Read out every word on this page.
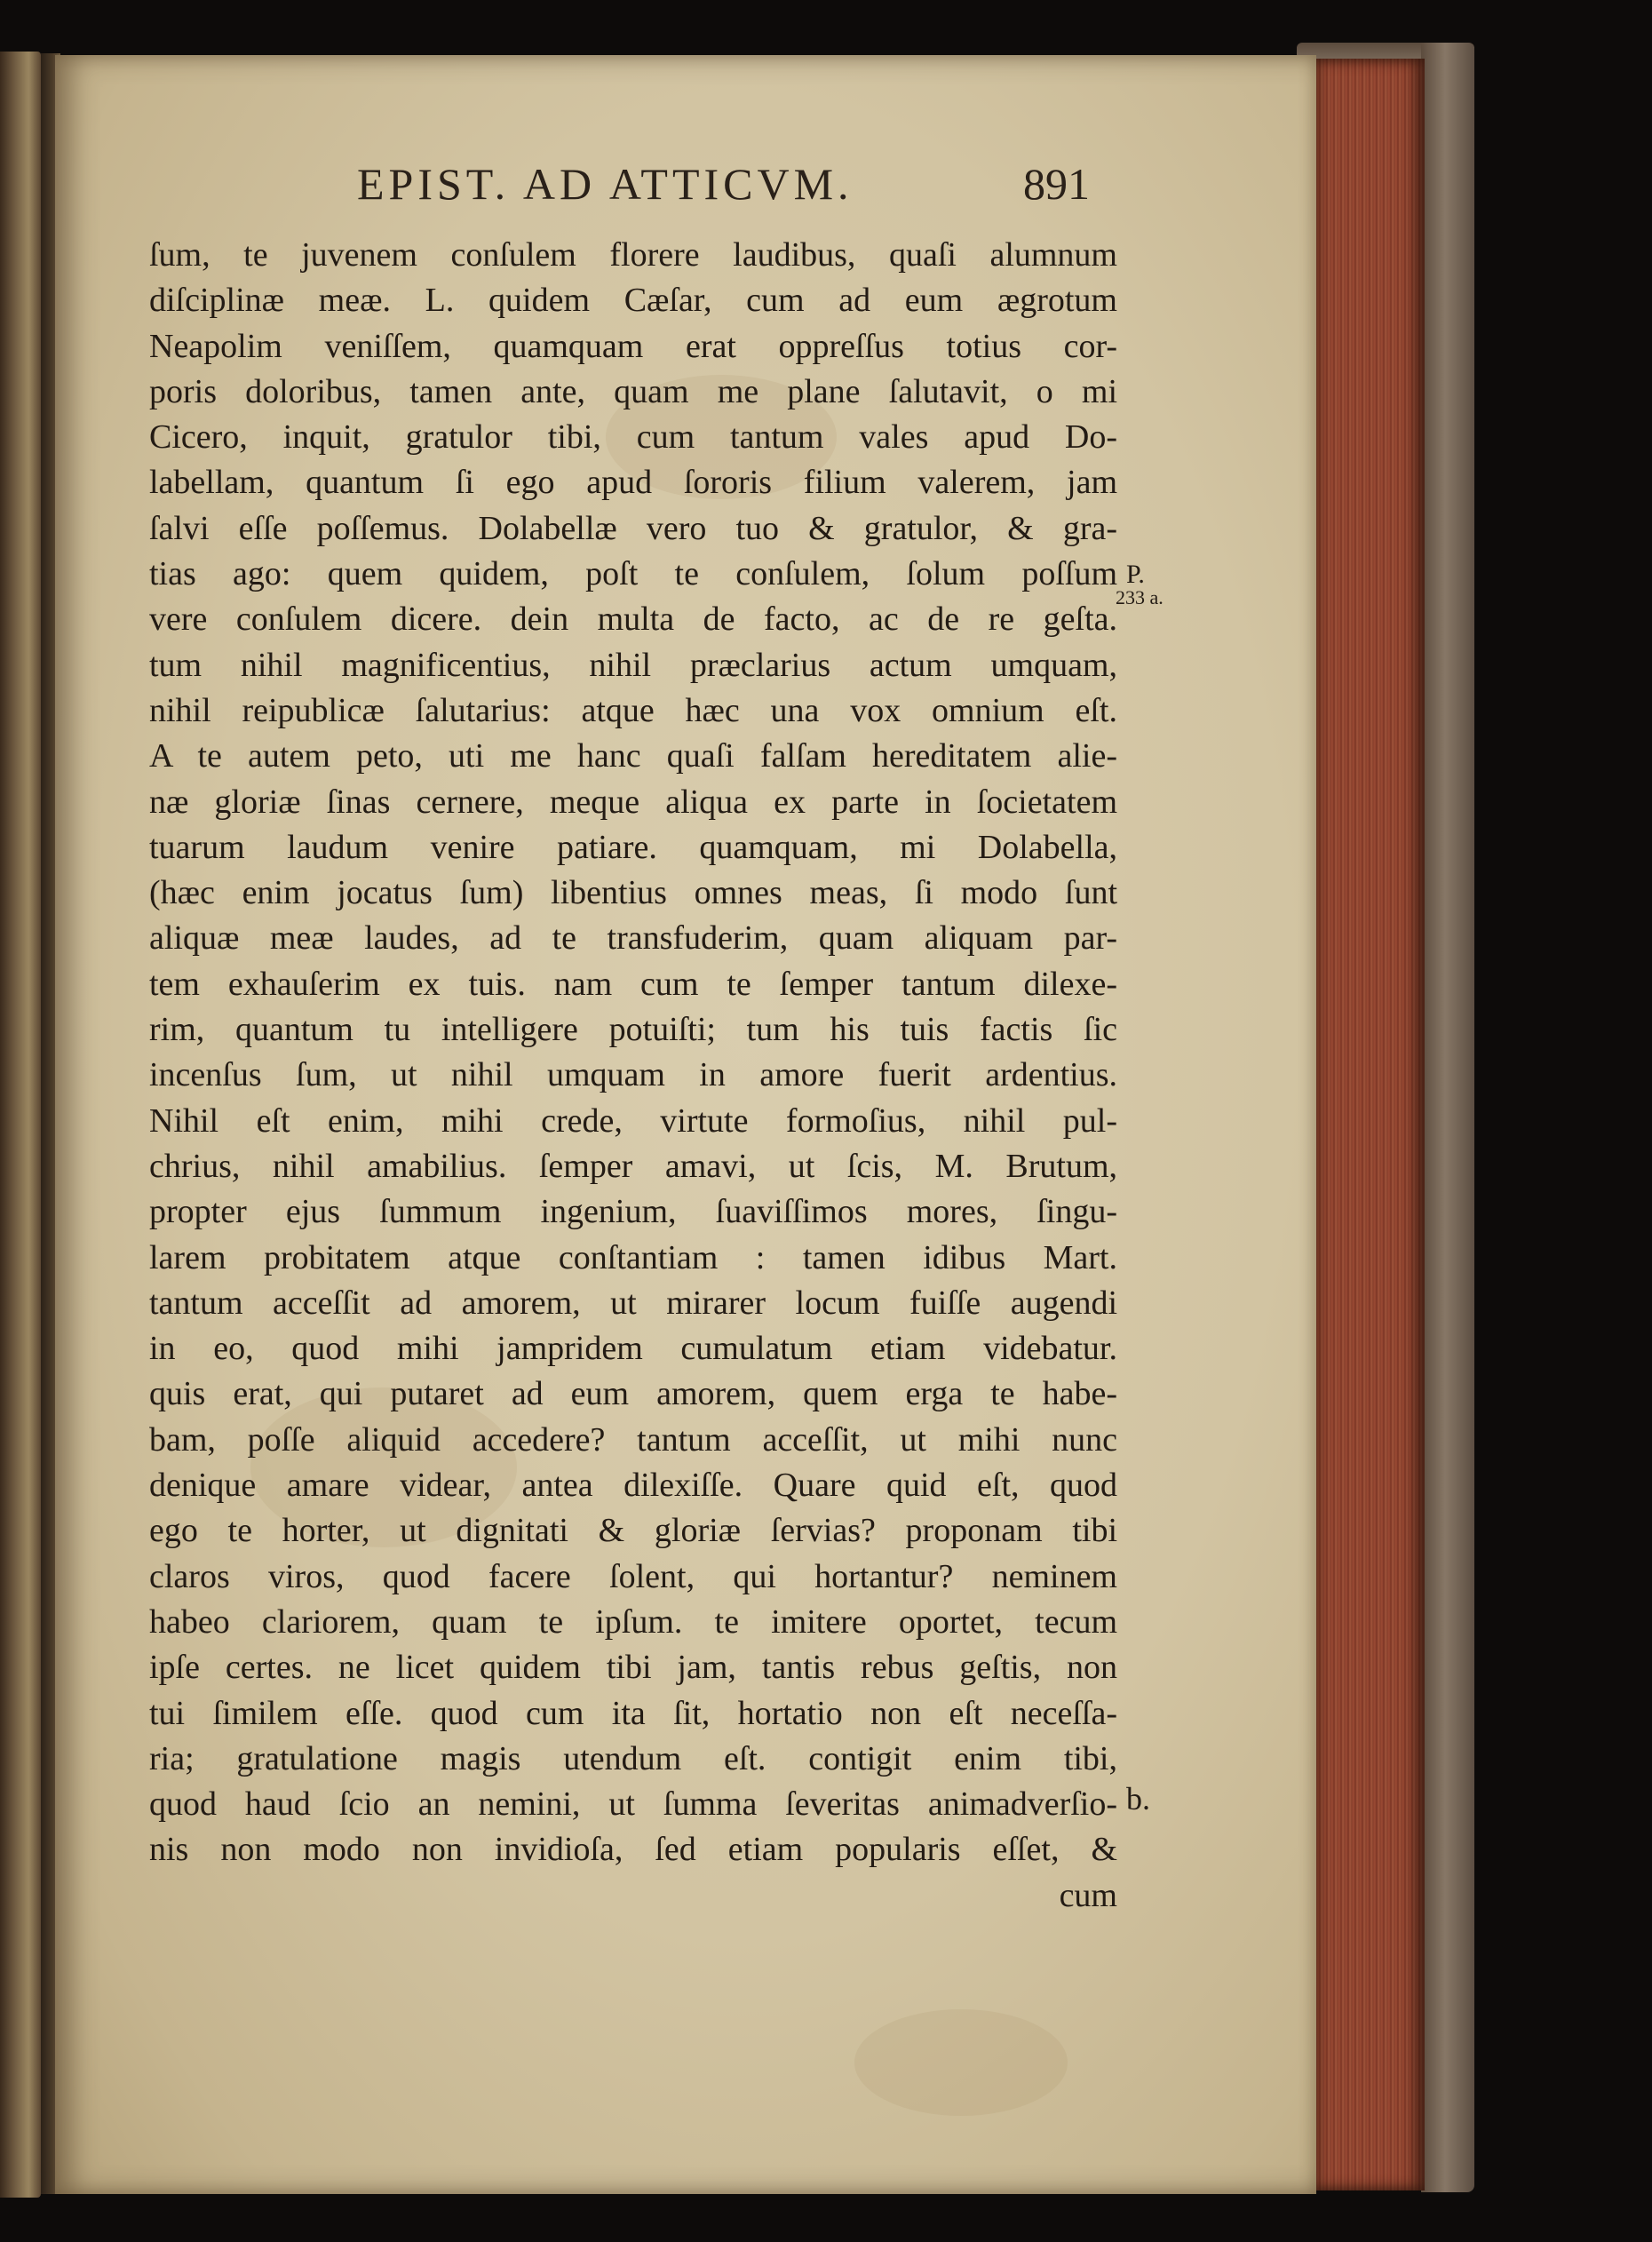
EPIST. AD ATTICVM.	891
ſum, te juvenem conſulem florere laudibus, quaſi alumnum
diſciplinæ meæ. L. quidem Cæſar, cum ad eum ægrotum
Neapolim veniſſem, quamquam erat oppreſſus totius cor-
poris doloribus, tamen ante, quam me plane ſalutavit, o mi
Cicero, inquit, gratulor tibi, cum tantum vales apud Do-
labellam, quantum ſi ego apud ſororis filium valerem, jam
ſalvi eſſe poſſemus. Dolabellæ vero tuo & gratulor, & gra-
tias ago: quem quidem, poſt te conſulem, ſolum poſſum
vere conſulem dicere. dein multa de facto, ac de re geſta.
tum nihil magnificentius, nihil præclarius actum umquam,
nihil reipublicæ ſalutarius: atque hæc una vox omnium eſt.
A te autem peto, uti me hanc quaſi falſam hereditatem alie-
næ gloriæ ſinas cernere, meque aliqua ex parte in ſocietatem
tuarum laudum venire patiare. quamquam, mi Dolabella,
(hæc enim jocatus ſum) libentius omnes meas, ſi modo ſunt
aliquæ meæ laudes, ad te transfuderim, quam aliquam par-
tem exhauſerim ex tuis. nam cum te ſemper tantum dilexe-
rim, quantum tu intelligere potuiſti; tum his tuis factis ſic
incenſus ſum, ut nihil umquam in amore fuerit ardentius.
Nihil eſt enim, mihi crede, virtute formoſius, nihil pul-
chrius, nihil amabilius. ſemper amavi, ut ſcis, M. Brutum,
propter ejus ſummum ingenium, ſuaviſſimos mores, ſingu-
larem probitatem atque conſtantiam : tamen idibus Mart.
tantum acceſſit ad amorem, ut mirarer locum fuiſſe augendi
in eo, quod mihi jampridem cumulatum etiam videbatur.
quis erat, qui putaret ad eum amorem, quem erga te habe-
bam, poſſe aliquid accedere? tantum acceſſit, ut mihi nunc
denique amare videar, antea dilexiſſe. Quare quid eſt, quod
ego te horter, ut dignitati & gloriæ ſervias? proponam tibi
claros viros, quod facere ſolent, qui hortantur? neminem
habeo clariorem, quam te ipſum. te imitere oportet, tecum
ipſe certes. ne licet quidem tibi jam, tantis rebus geſtis, non
tui ſimilem eſſe. quod cum ita ſit, hortatio non eſt neceſſa-
ria; gratulatione magis utendum eſt. contigit enim tibi,
quod haud ſcio an nemini, ut ſumma ſeveritas animadverſio-
nis non modo non invidioſa, ſed etiam popularis eſſet, &
cum
P.
233 a.
b.
